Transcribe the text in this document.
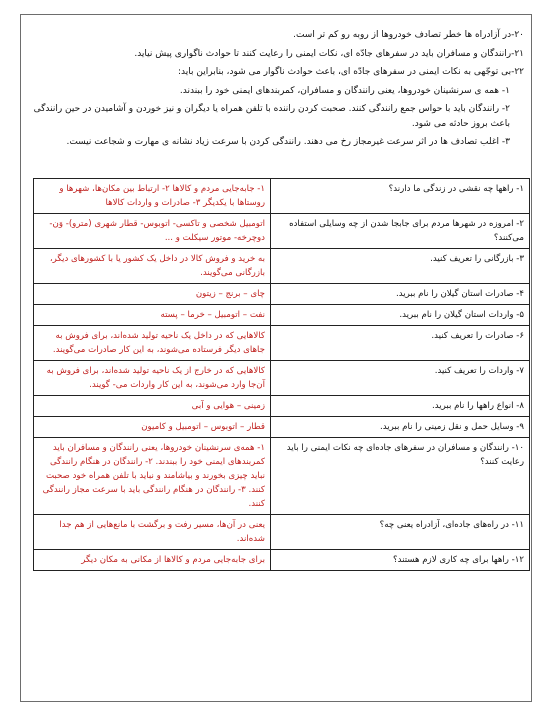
۲۰-در آزادراه ها خطر تصادف خودروها از روبه رو کم تر است.

۲۱-رانندگان و مسافران باید در سفرهای جادّه ای، نکات ایمنی را رعایت کنند تا حوادث ناگواری پیش نیاید.

۲۲-بی توجّهی به نکات ایمنی در سفرهای جادّه ای، باعث حوادث ناگوار می شود، بنابراین باید:

۱- همه ی سرنشینان خودروها، یعنی رانندگان و مسافران، کمربندهای ایمنی خود را ببندند.

۲- رانندگان باید با حواس جمع رانندگی کنند. صحبت کردن راننده با تلفن همراه یا دیگران و نیز خوردن و آشامیدن در حین رانندگی باعث بروز حادثه می شود.

۳- اغلب تصادف ها در اثر سرعت غیرمجاز رخ می دهند. رانندگی کردن با سرعت زیاد نشانه ی مهارت و شجاعت نیست.

۱- راهها چه نقشی در زندگی ما دارند؟	۱- جابه‌جایی مردم و کالاها ۲- ارتباط بین مکان‌ها، شهرها و روستاها با یکدیگر ۳- صادرات و واردات کالاها
۲- امروزه در شهرها مردم برای جابجا شدن از چه وسایلی استفاده می‌کنند؟	اتومبیل شخصی و تاکسی- اتوبوس- قطار شهری (مترو)- وَن- دوچرخه- موتور سیکلت و ...
۳- بازرگانی را تعریف کنید.	به خرید و فروش کالا در داخل یک کشور یا با کشورهای دیگر، بازرگانی می‌گویند.
۴- صادرات استان گیلان را نام ببرید.	چای – برنج – زیتون
۵- واردات استان گیلان را نام ببرید.	نفت – اتومبیل – خرما – پسته
۶- صادرات را تعریف کنید.	کالاهایی که در داخل یک ناحیه تولید شده‌اند، برای فروش به جاهای دیگر فرستاده می‌شوند، به این کار صادرات می‌گویند.
۷- واردات را تعریف کنید.	کالاهایی که در خارج از یک ناحیه تولید شده‌اند، برای فروش به آن‌جا وارد می‌شوند، به این کار واردات می- گویند.
۸- انواع راهها را نام ببرید.	زمینی – هوایی و آبی
۹- وسایل حمل و نقل زمینی را نام ببرید.	قطار – اتوبوس – اتومبیل و کامیون
۱۰- رانندگان و مسافران در سفرهای جاده‌ای چه نکات ایمنی را باید رعایت کنند؟	۱- همه‌ی سرنشینان خودروها، یعنی رانندگان و مسافران باید کمربندهای ایمنی خود را ببندند. ۲- رانندگان در هنگام رانندگی نباید چیزی بخورند و بیاشامند و نباید با تلفن همراه خود صحبت کنند. ۳- رانندگان در هنگام رانندگی باید با سرعت مجاز رانندگی کنند.
۱۱- در راه‌های جاده‌ای، آزادراه یعنی چه؟	یعنی در آن‌ها، مسیر رفت و برگشت با مانع‌هایی از هم جدا شده‌اند.
۱۲- راهها برای چه کاری لازم هستند؟	برای جابه‌جایی مردم و کالاها از مکانی به مکان دیگر
